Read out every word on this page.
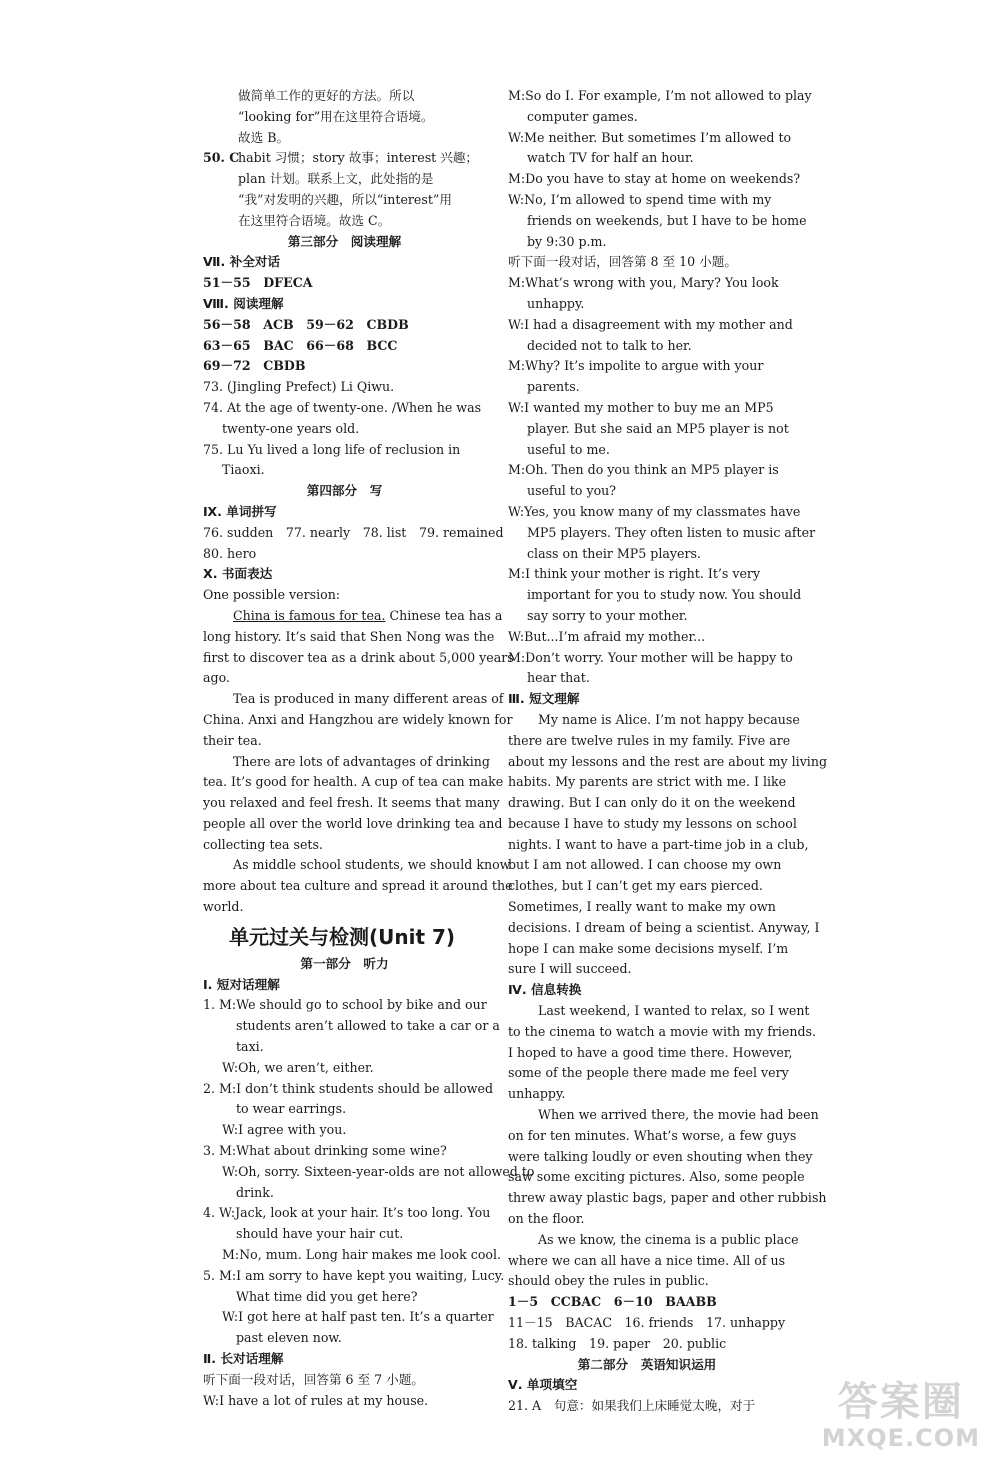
做简单工作的更好的方法。所以
“looking for”用在这里符合语境。
故选 B。
50. Chabit 习惯；story 故事；interest 兴趣；
plan 计划。联系上文，此处指的是
“我”对发明的兴趣，所以“interest”用
在这里符合语境。故选 C。
第三部分　阅读理解
Ⅶ. 补全对话
51－55　DFECA
Ⅷ. 阅读理解
56－58　ACB　59－62　CBDB
63－65　BAC　66－68　BCC
69－72　CBDB
73. (Jingling Prefect) Li Qiwu.
74. At the age of twenty-one. /When he was
twenty-one years old.
75. Lu Yu lived a long life of reclusion in
Tiaoxi.
第四部分　写
Ⅸ. 单词拼写
76. sudden　77. nearly　78. list　79. remained
80. hero
Ⅹ. 书面表达
One possible version:
China is famous for tea. Chinese tea has a
long history. It’s said that Shen Nong was the
first to discover tea as a drink about 5,000 years
ago.
Tea is produced in many different areas of
China. Anxi and Hangzhou are widely known for
their tea.
There are lots of advantages of drinking
tea. It’s good for health. A cup of tea can make
you relaxed and feel fresh. It seems that many
people all over the world love drinking tea and
collecting tea sets.
As middle school students, we should know
more about tea culture and spread it around the
world.
单元过关与检测(Unit 7)
第一部分　听力
Ⅰ. 短对话理解
1. M:We should go to school by bike and our
students aren’t allowed to take a car or a
taxi.
W:Oh, we aren’t, either.
2. M:I don’t think students should be allowed
to wear earrings.
W:I agree with you.
3. M:What about drinking some wine?
W:Oh, sorry. Sixteen-year-olds are not allowed to
drink.
4. W:Jack, look at your hair. It’s too long. You
should have your hair cut.
M:No, mum. Long hair makes me look cool.
5. M:I am sorry to have kept you waiting, Lucy.
What time did you get here?
W:I got here at half past ten. It’s a quarter
past eleven now.
Ⅱ. 长对话理解
听下面一段对话，回答第 6 至 7 小题。
W:I have a lot of rules at my house.
M:So do I. For example, I’m not allowed to play
computer games.
W:Me neither. But sometimes I’m allowed to
watch TV for half an hour.
M:Do you have to stay at home on weekends?
W:No, I’m allowed to spend time with my
friends on weekends, but I have to be home
by 9:30 p.m.
听下面一段对话，回答第 8 至 10 小题。
M:What’s wrong with you, Mary? You look
unhappy.
W:I had a disagreement with my mother and
decided not to talk to her.
M:Why? It’s impolite to argue with your
parents.
W:I wanted my mother to buy me an MP5
player. But she said an MP5 player is not
useful to me.
M:Oh. Then do you think an MP5 player is
useful to you?
W:Yes, you know many of my classmates have
MP5 players. They often listen to music after
class on their MP5 players.
M:I think your mother is right. It’s very
important for you to study now. You should
say sorry to your mother.
W:But...I’m afraid my mother...
M:Don’t worry. Your mother will be happy to
hear that.
Ⅲ. 短文理解
My name is Alice. I’m not happy because
there are twelve rules in my family. Five are
about my lessons and the rest are about my living
habits. My parents are strict with me. I like
drawing. But I can only do it on the weekend
because I have to study my lessons on school
nights. I want to have a part-time job in a club,
but I am not allowed. I can choose my own
clothes, but I can’t get my ears pierced.
Sometimes, I really want to make my own
decisions. I dream of being a scientist. Anyway, I
hope I can make some decisions myself. I’m
sure I will succeed.
Ⅳ. 信息转换
Last weekend, I wanted to relax, so I went
to the cinema to watch a movie with my friends.
I hoped to have a good time there. However,
some of the people there made me feel very
unhappy.
When we arrived there, the movie had been
on for ten minutes. What’s worse, a few guys
were talking loudly or even shouting when they
saw some exciting pictures. Also, some people
threw away plastic bags, paper and other rubbish
on the floor.
As we know, the cinema is a public place
where we can all have a nice time. All of us
should obey the rules in public.
1－5　CCBAC　6－10　BAABB
11－15　BACAC　16. friends　17. unhappy
18. talking　19. paper　20. public
第二部分　英语知识运用
Ⅴ. 单项填空
21. A　句意：如果我们上床睡觉太晚，对于	答案圈
MXQE.COM
